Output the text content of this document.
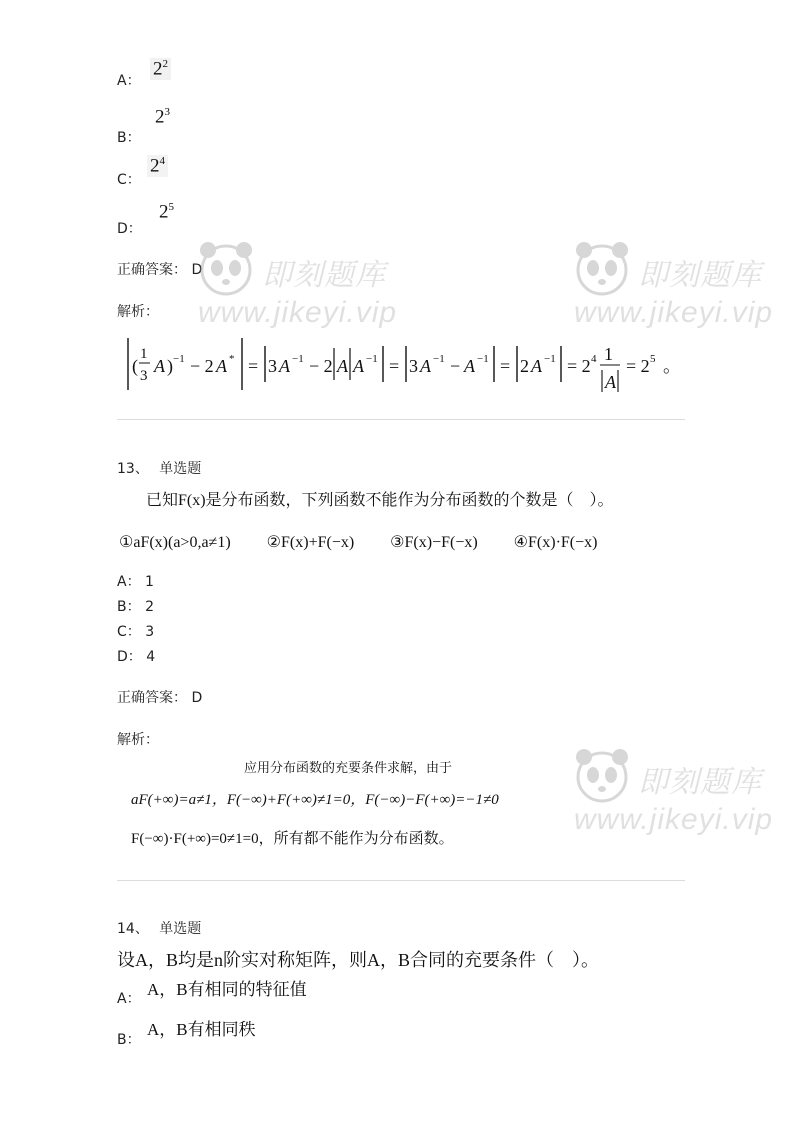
A：
$2^2$
B：
$2^3$
C：
$2^4$
D：
$2^5$
正确答案： D
解析：
(
1
3 A ) −1 − 2 A * = 3 A −1 − 2 A A −1 = 3 A −1 − A −1 = 2 A −1 = 2 4 1
A
= 2 5 。
13、 单选题
已知F(x)是分布函数，下列函数不能作为分布函数的个数是（　）。
①aF(x)(a>0,a≠1) ②F(x)+F(−x) ③F(x)−F(−x) ④F(x)·F(−x)
A： 1
B： 2
C： 3
D： 4
正确答案： D
解析：
应用分布函数的充要条件求解，由于
aF(+∞)=a≠1，F(−∞)+F(+∞)≠1=0，F(−∞)−F(+∞)=−1≠0
F(−∞)·F(+∞)=0≠1=0，所有都不能作为分布函数。
14、 单选题
设A，B均是n阶实对称矩阵，则A，B合同的充要条件（　）。
A： A，B有相同的特征值
B：
A，B有相同秩
即刻题库
www.jikeyi.vip
即刻题库
www.jikeyi.vip
即刻题库
www.jikeyi.vip
